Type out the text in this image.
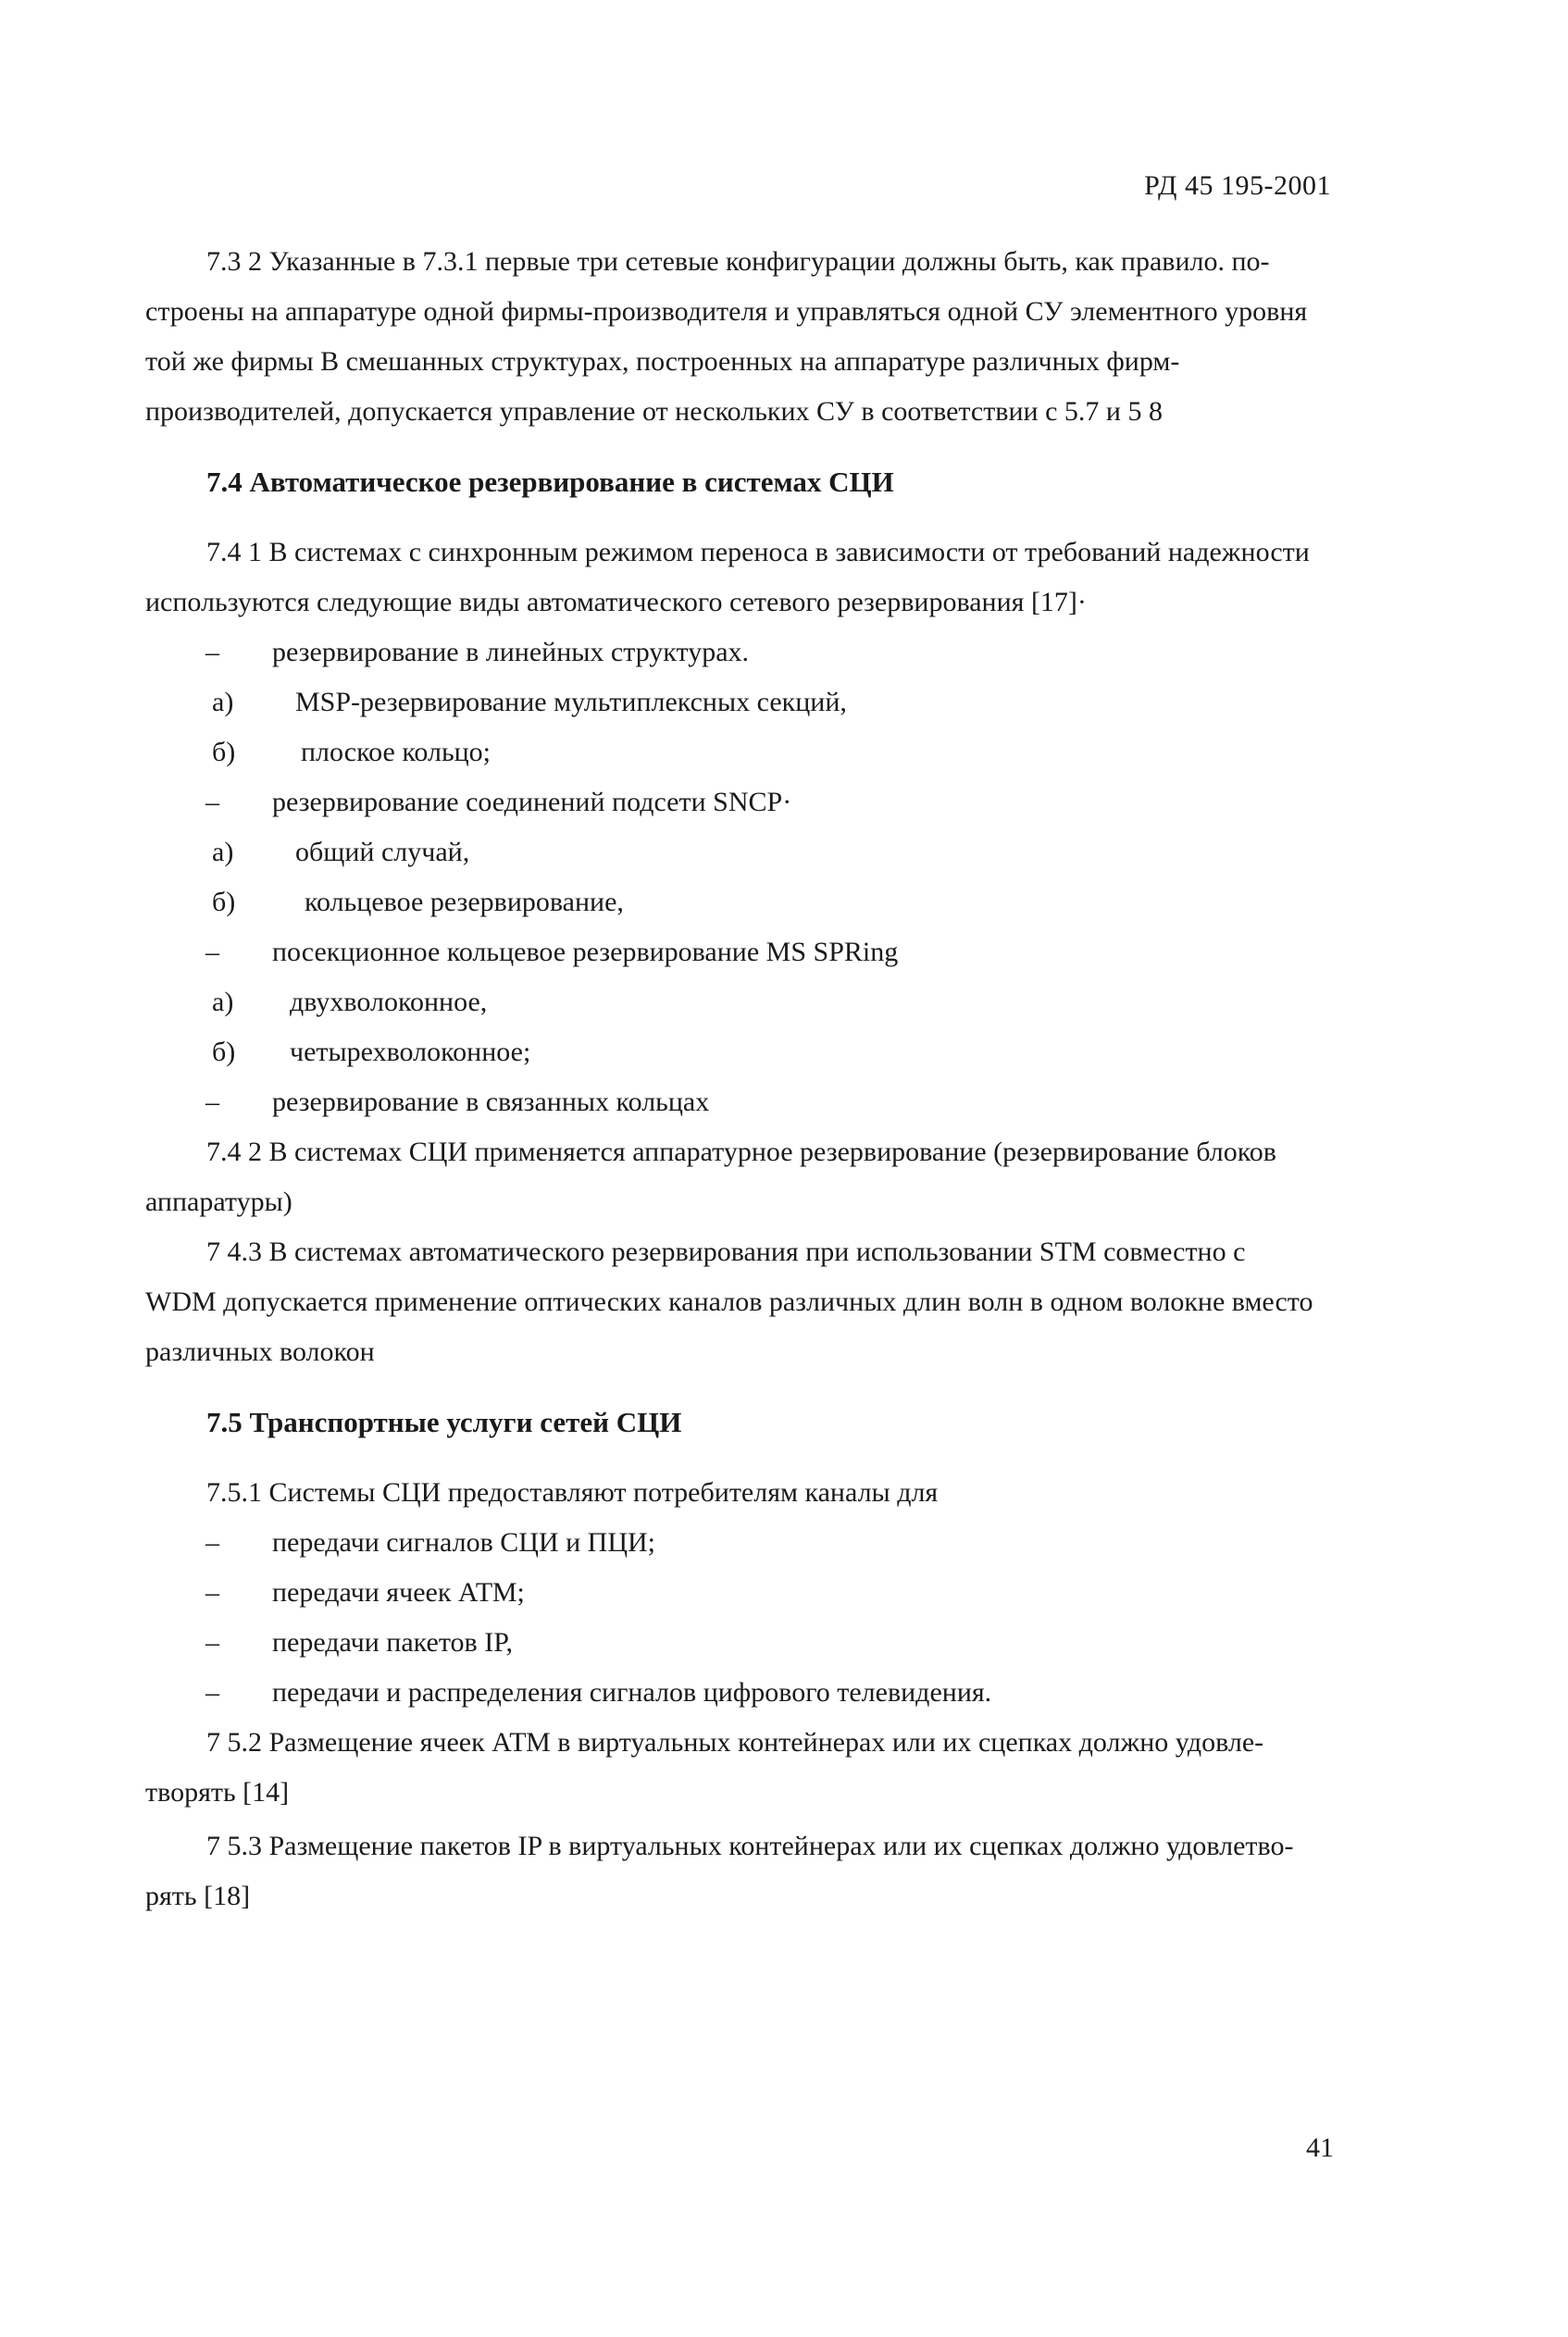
РД 45 195-2001
7.3 2 Указанные в 7.3.1 первые три сетевые конфигурации должны быть, как правило. по-
строены на аппаратуре одной фирмы-производителя и управляться одной СУ элементного уровня
той же фирмы В смешанных структурах, построенных на аппаратуре различных фирм-
производителей, допускается управление от нескольких СУ в соответствии с 5.7 и 5 8
7.4 Автоматическое резервирование в системах СЦИ
7.4 1 В системах с синхронным режимом переноса в зависимости от требований надежности
используются следующие виды автоматического сетевого резервирования [17]·
–	резервирование в линейных структурах.
а)	MSP-резервирование мультиплексных секций,
б)	плоское кольцо;
–	резервирование соединений подсети SNCP·
а)	общий случай,
б)	кольцевое резервирование,
–	посекционное кольцевое резервирование MS SPRing
а)	двухволоконное,
б)	четырехволоконное;
–	резервирование в связанных кольцах
7.4 2 В системах СЦИ применяется аппаратурное резервирование (резервирование блоков
аппаратуры)
7 4.3 В системах автоматического резервирования при использовании STM совместно с
WDM допускается применение оптических каналов различных длин волн в одном волокне вместо
различных волокон
7.5 Транспортные услуги сетей СЦИ
7.5.1 Системы СЦИ предоставляют потребителям каналы для
–	передачи сигналов СЦИ и ПЦИ;
–	передачи ячеек АТМ;
–	передачи пакетов IP,
–	передачи и распределения сигналов цифрового телевидения.
7 5.2 Размещение ячеек АТМ в виртуальных контейнерах или их сцепках должно удовле-
творять [14]
7 5.3 Размещение пакетов IP в виртуальных контейнерах или их сцепках должно удовлетво-
рять [18]
41
